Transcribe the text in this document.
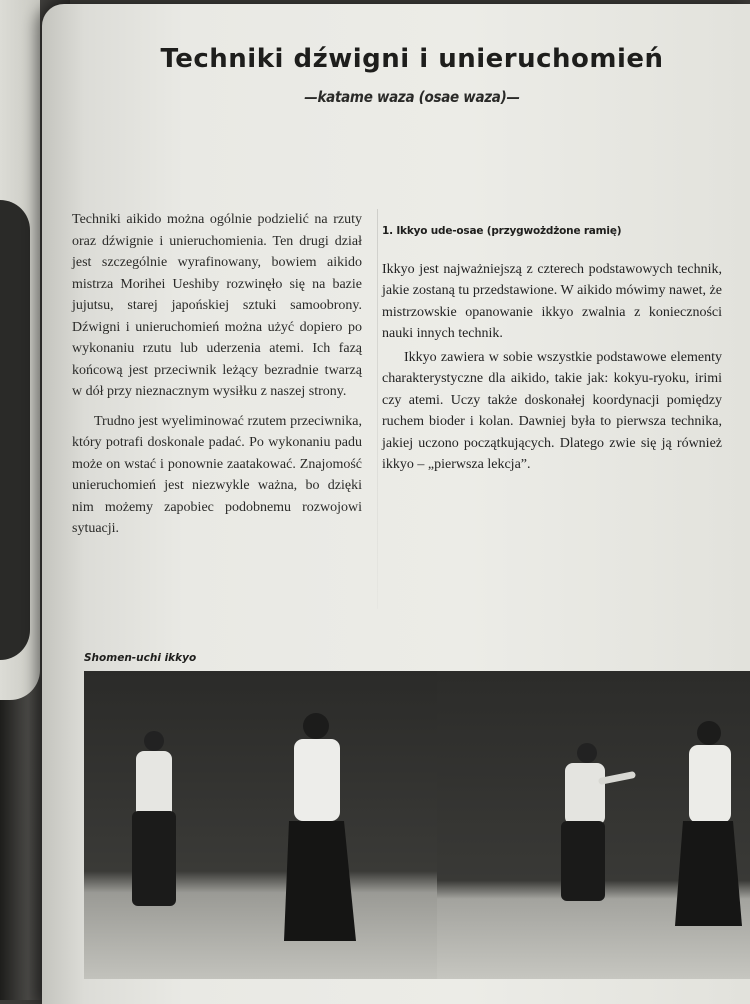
Techniki dźwigni i unieruchomień
—katame waza (osae waza)—

Techniki aikido można ogólnie podzielić na rzuty oraz dźwignie i unieruchomienia. Ten drugi dział jest szczególnie wyrafinowany, bowiem aikido mistrza Morihei Ueshiby rozwinęło się na bazie jujutsu, starej japońskiej sztuki samoobrony. Dźwigni i unieruchomień można użyć dopiero po wykonaniu rzutu lub uderzenia atemi. Ich fazą końcową jest przeciwnik leżący bezradnie twarzą w dół przy nieznacznym wysiłku z naszej strony.

Trudno jest wyeliminować rzutem przeciwnika, który potrafi doskonale padać. Po wykonaniu padu może on wstać i ponownie zaatakować. Znajomość unieruchomień jest niezwykle ważna, bo dzięki nim możemy zapobiec podobnemu rozwojowi sytuacji.

1. Ikkyo ude-osae (przygwożdżone ramię)

Ikkyo jest najważniejszą z czterech podstawowych technik, jakie zostaną tu przedstawione. W aikido mówimy nawet, że mistrzowskie opanowanie ikkyo zwalnia z konieczności nauki innych technik.

Ikkyo zawiera w sobie wszystkie podstawowe elementy charakterystyczne dla aikido, takie jak: kokyu-ryoku, irimi czy atemi. Uczy także doskonałej koordynacji pomiędzy ruchem bioder i kolan. Dawniej była to pierwsza technika, jakiej uczono początkujących. Dlatego zwie się ją również ikkyo – „pierwsza lekcja”.

Shomen-uchi ikkyo
